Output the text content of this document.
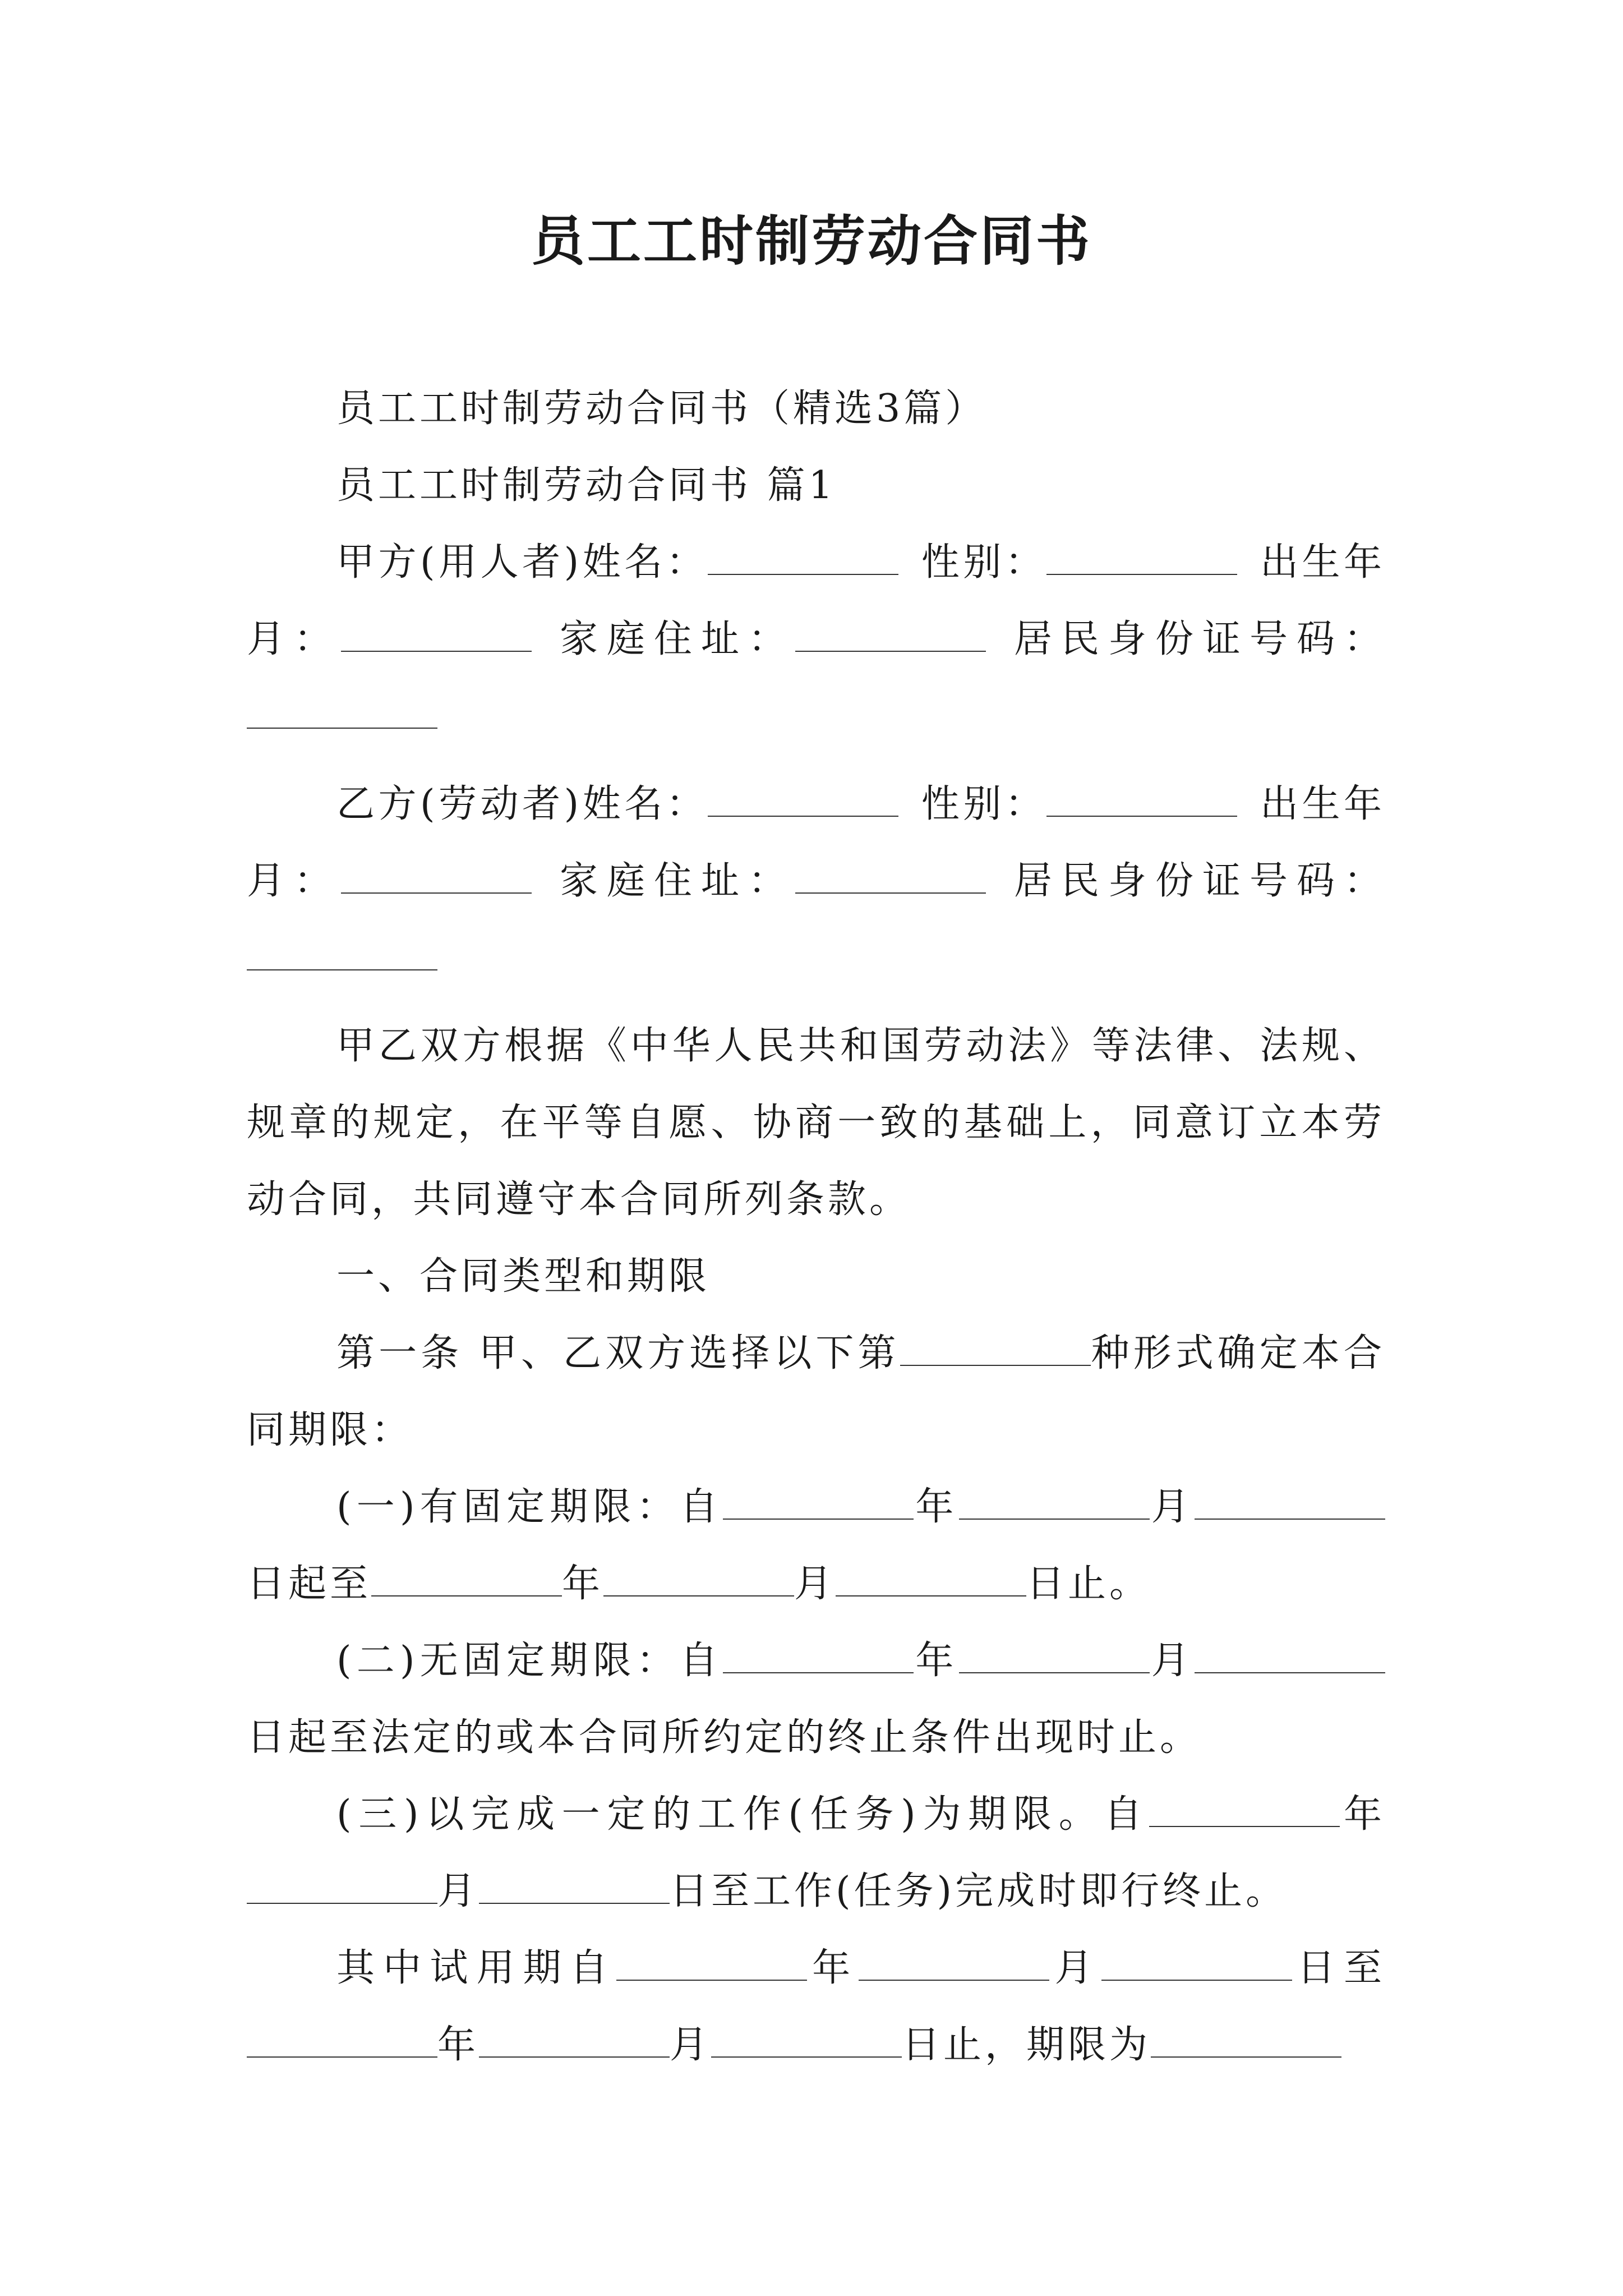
员工工时制劳动合同书

员工工时制劳动合同书（精选3篇）

员工工时制劳动合同书 篇1

甲方(用人者)姓名：	性别：	出生年月：	家庭住址：	居民身份证号码：

乙方(劳动者)姓名：	性别：	出生年月：	家庭住址：	居民身份证号码：

甲乙双方根据《中华人民共和国劳动法》等法律、法规、规章的规定，在平等自愿、协商一致的基础上，同意订立本劳动合同，共同遵守本合同所列条款。

一、合同类型和期限

第一条 甲、乙双方选择以下第	种形式确定本合同期限：

(一)有固定期限：自	年	月日起至	年	月	日止。

(二)无固定期限：自	年	月日起至法定的或本合同所约定的终止条件出现时止。

(三)以完成一定的工作(任务)为期限。自	年月	日至工作(任务)完成时即行终止。

其中试用期自	年	月	日至年	月	日止，期限为
